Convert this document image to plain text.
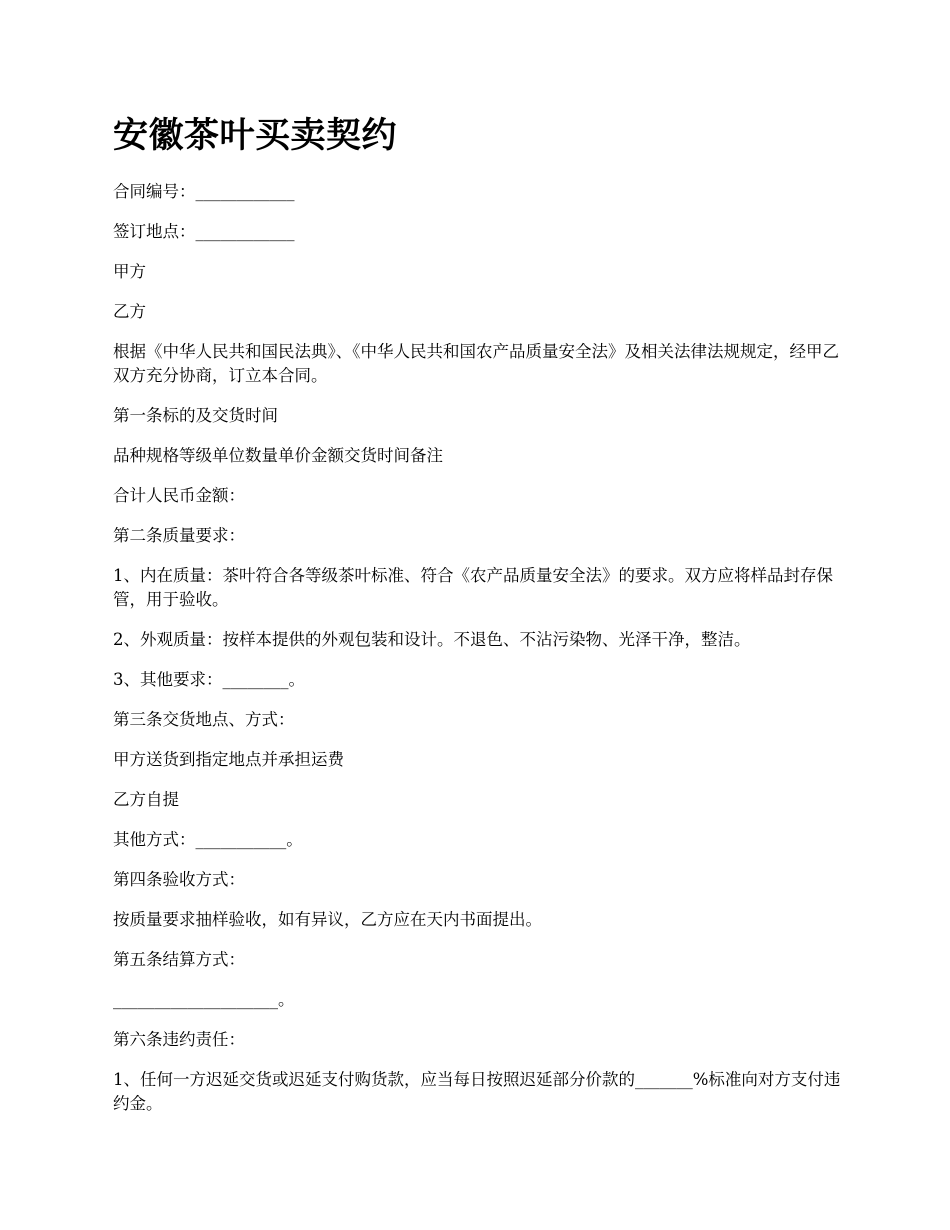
安徽茶叶买卖契约

合同编号：____________

签订地点：____________

甲方

乙方

根据《中华人民共和国民法典》、《中华人民共和国农产品质量安全法》及相关法律法规规定，经甲乙双方充分协商，订立本合同。

第一条标的及交货时间

品种规格等级单位数量单价金额交货时间备注

合计人民币金额：

第二条质量要求：

1、内在质量：茶叶符合各等级茶叶标准、符合《农产品质量安全法》的要求。双方应将样品封存保管，用于验收。

2、外观质量：按样本提供的外观包装和设计。不退色、不沾污染物、光泽干净，整洁。

3、其他要求：________。

第三条交货地点、方式：

甲方送货到指定地点并承担运费

乙方自提

其他方式：___________。

第四条验收方式：

按质量要求抽样验收，如有异议，乙方应在天内书面提出。

第五条结算方式：

____________________。

第六条违约责任：

1、任何一方迟延交货或迟延支付购货款，应当每日按照迟延部分价款的_______%标准向对方支付违约金。
